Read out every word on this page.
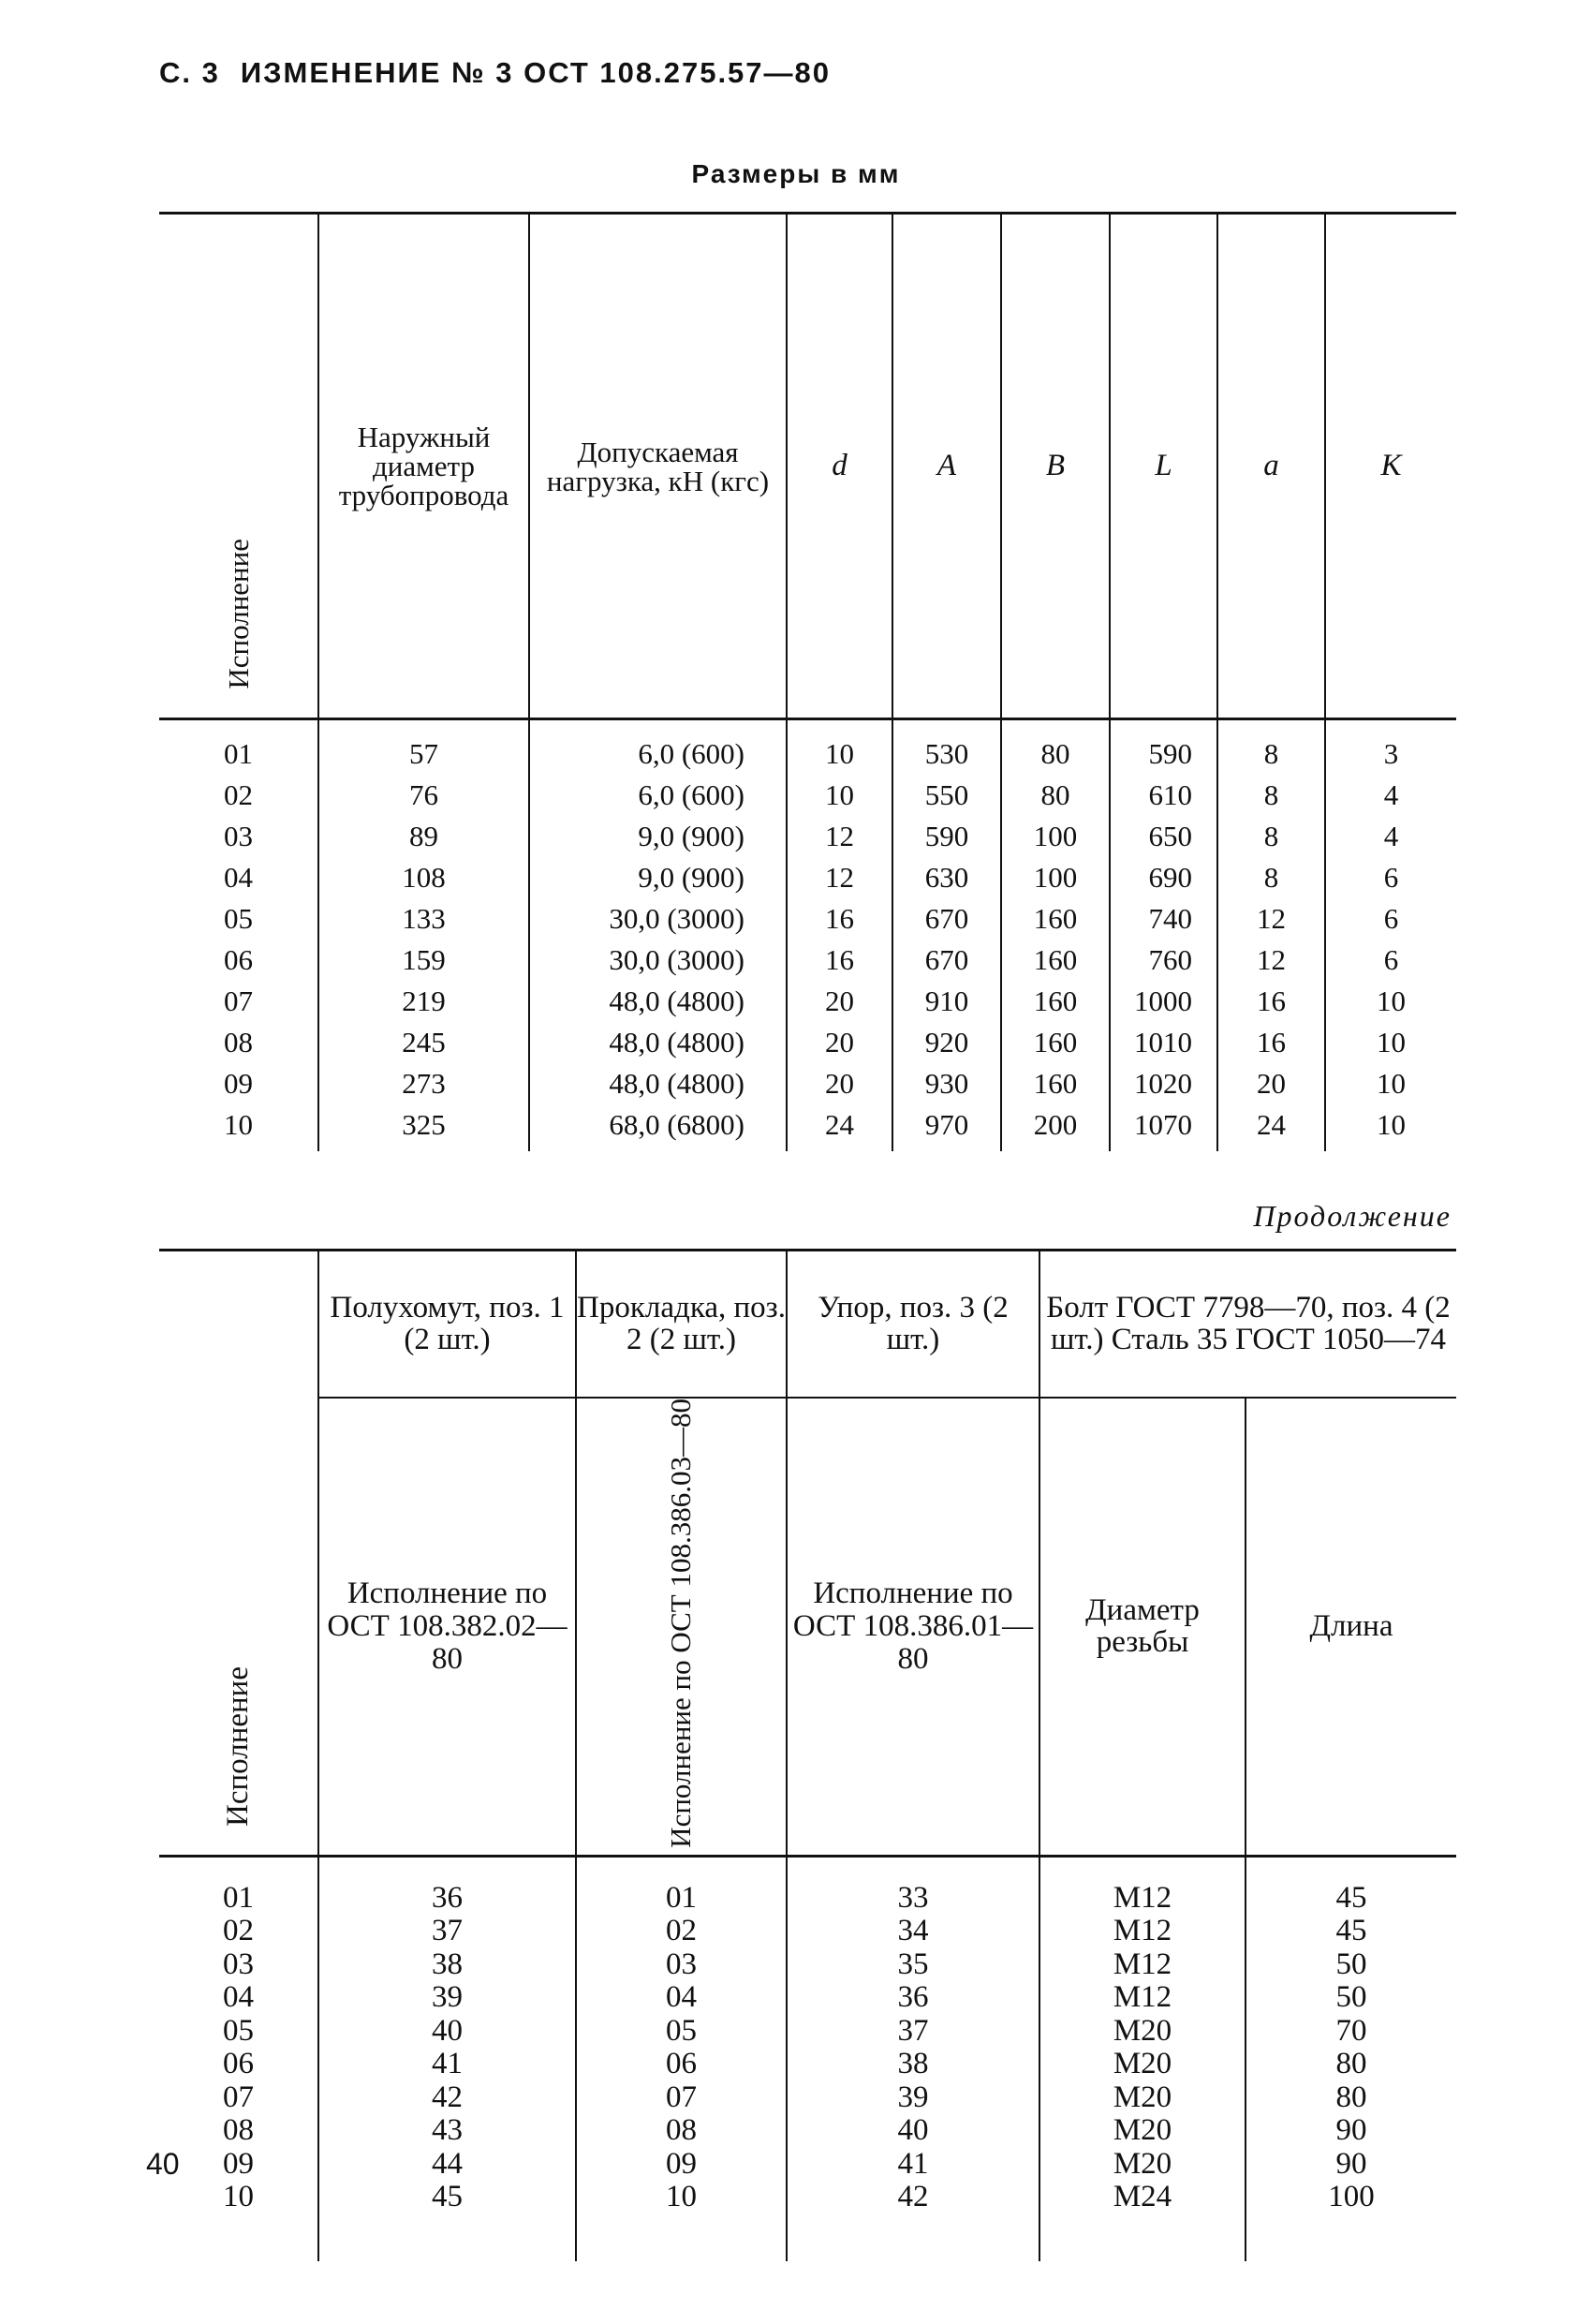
С. 3 ИЗМЕНЕНИЕ № 3 ОСТ 108.275.57—80
Размеры в мм
Исполнение	Наружный диаметр трубопровода	Допускаемая нагрузка, кН (кгс)	d	A	B	L	a	K
01	57	6,0 (600)	10	530	80	590	8	3
02	76	6,0 (600)	10	550	80	610	8	4
03	89	9,0 (900)	12	590	100	650	8	4
04	108	9,0 (900)	12	630	100	690	8	6
05	133	30,0 (3000)	16	670	160	740	12	6
06	159	30,0 (3000)	16	670	160	760	12	6
07	219	48,0 (4800)	20	910	160	1000	16	10
08	245	48,0 (4800)	20	920	160	1010	16	10
09	273	48,0 (4800)	20	930	160	1020	20	10
10	325	68,0 (6800)	24	970	200	1070	24	10
Продолжение
Исполнение	Полухомут, поз. 1 (2 шт.)	Прокладка, поз. 2 (2 шт.)	Упор, поз. 3 (2 шт.)	Болт ГОСТ 7798—70, поз. 4 (2 шт.) Сталь 35 ГОСТ 1050—74	

	Исполнение по ОСТ 108.382.02—80	Исполнение по ОСТ 108.386.03—80	Исполнение по ОСТ 108.386.01—80	Диаметр резьбы	Длина
01	36	01	33	М12	45
02	37	02	34	М12	45
03	38	03	35	М12	50
04	39	04	36	М12	50
05	40	05	37	М20	70
06	41	06	38	М20	80
07	42	07	39	М20	80
08	43	08	40	М20	90
09	44	09	41	М20	90
10	45	10	42	М24	100
40
